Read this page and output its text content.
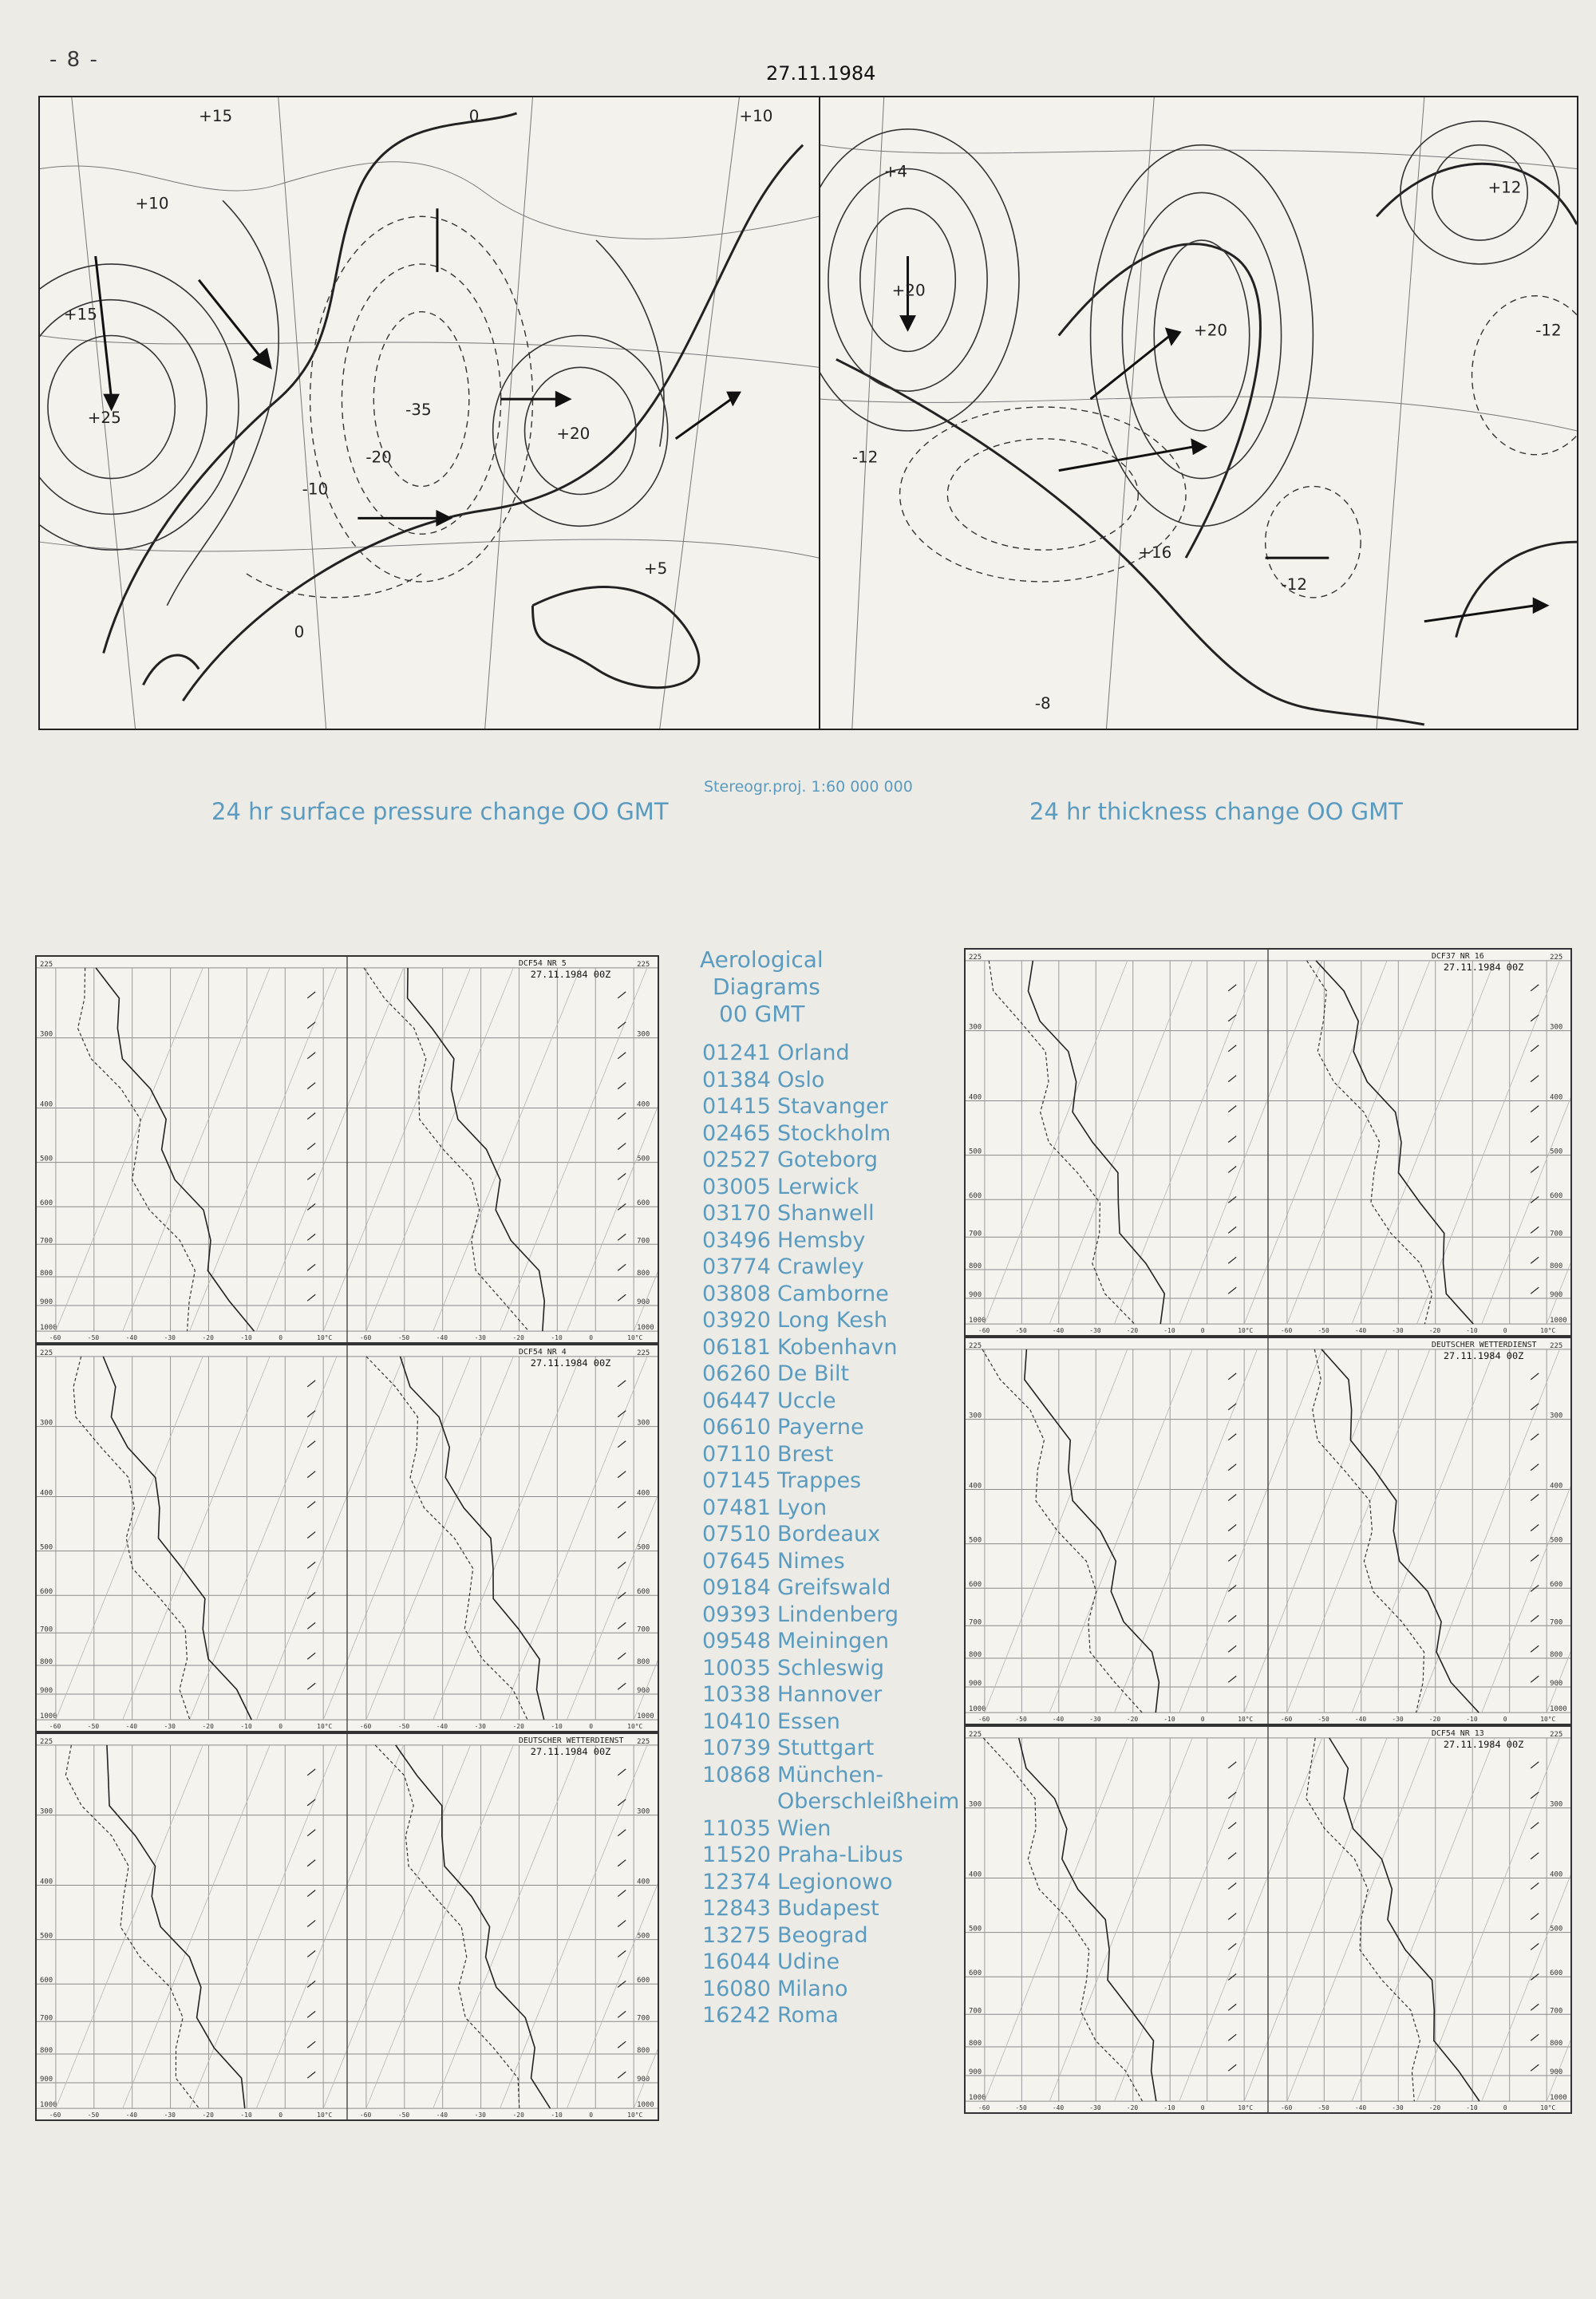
- 8 -
27.11.1984
+25
+15
+10
-35
-20
-10
+20
+5
0
+15	0	+10
+20
+4
-12
+20
+16
-12
+12
-12
-8
Stereogr.proj. 1:60 000 000
24 hr surface pressure change OO GMT	24 hr thickness change OO GMT
Aerological
Diagrams
00 GMT
01241 Orland
01384 Oslo
01415 Stavanger
02465 Stockholm
02527 Goteborg
03005 Lerwick
03170 Shanwell
03496 Hemsby
03774 Crawley
03808 Camborne
03920 Long Kesh
06181 Kobenhavn
06260 De Bilt
06447 Uccle
06610 Payerne
07110 Brest
07145 Trappes
07481 Lyon
07510 Bordeaux
07645 Nimes
09184 Greifswald
09393 Lindenberg
09548 Meiningen
10035 Schleswig
10338 Hannover
10410 Essen
10739 Stuttgart
10868 München-
Oberschleißheim
11035 Wien
11520 Praha-Libus
12374 Legionowo
12843 Budapest
13275 Beograd
16044 Udine
16080 Milano
16242 Roma
225	225
300	300
400	400
500	500
600	600
700	700
800	800
900	900
1000	1000
-60	-50	-40	-30	-20	-10	0	10°C	-60	-50	-40	-30	-20	-10	0	10°C
DCF54 NR 5
27.11.1984 00Z
225	225
300	300
400	400
500	500
600	600
700	700
800	800
900	900
1000	1000
-60	-50	-40	-30	-20	-10	0	10°C	-60	-50	-40	-30	-20	-10	0	10°C
DCF54 NR 4
27.11.1984 00Z
225	225
300	300
400	400
500	500
600	600
700	700
800	800
900	900
1000	1000
-60	-50	-40	-30	-20	-10	0	10°C	-60	-50	-40	-30	-20	-10	0	10°C
DEUTSCHER WETTERDIENST
27.11.1984 00Z
225	225
300	300
400	400
500	500
600	600
700	700
800	800
900	900
1000	1000
-60	-50	-40	-30	-20	-10	0	10°C	-60	-50	-40	-30	-20	-10	0	10°C
DCF37 NR 16
27.11.1984 00Z
225	225
300	300
400	400
500	500
600	600
700	700
800	800
900	900
1000	1000
-60	-50	-40	-30	-20	-10	0	10°C	-60	-50	-40	-30	-20	-10	0	10°C
DEUTSCHER WETTERDIENST
27.11.1984 00Z
225	225
300	300
400	400
500	500
600	600
700	700
800	800
900	900
1000	1000
-60	-50	-40	-30	-20	-10	0	10°C	-60	-50	-40	-30	-20	-10	0	10°C
DCF54 NR 13
27.11.1984 00Z
